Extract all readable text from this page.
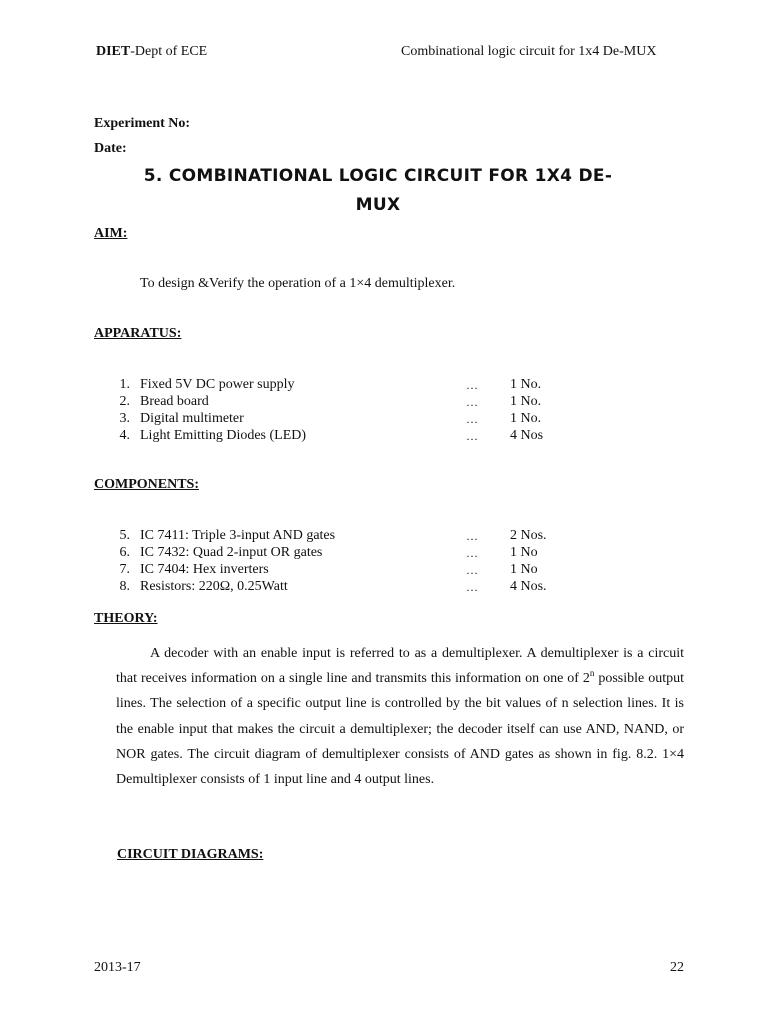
DIET-Dept of ECE	Combinational logic circuit for 1x4 De-MUX
Experiment No:
Date:
5. COMBINATIONAL LOGIC CIRCUIT FOR 1X4 DE-
MUX
AIM:
To design &Verify the operation of a 1×4 demultiplexer.
APPARATUS:
1. Fixed 5V DC power supply	… 1 No.
2. Bread board	… 1 No.
3. Digital multimeter	… 1 No.
4. Light Emitting Diodes (LED)	… 4 Nos
COMPONENTS:
5. IC 7411: Triple 3-input AND gates	… 2 Nos.
6. IC 7432: Quad 2-input OR gates	… 1 No
7. IC 7404: Hex inverters	… 1 No
8. Resistors: 220Ω, 0.25Watt	… 4 Nos.
THEORY:
A decoder with an enable input is referred to as a demultiplexer. A demultiplexer is a circuit that receives information on a single line and transmits this information on one of 2$^n$ possible output lines. The selection of a specific output line is controlled by the bit values of n selection lines. It is the enable input that makes the circuit a demultiplexer; the decoder itself can use AND, NAND, or NOR gates. The circuit diagram of demultiplexer consists of AND gates as shown in fig. 8.2. 1×4 Demultiplexer consists of 1 input line and 4 output lines.
CIRCUIT DIAGRAMS:
2013-17	22
